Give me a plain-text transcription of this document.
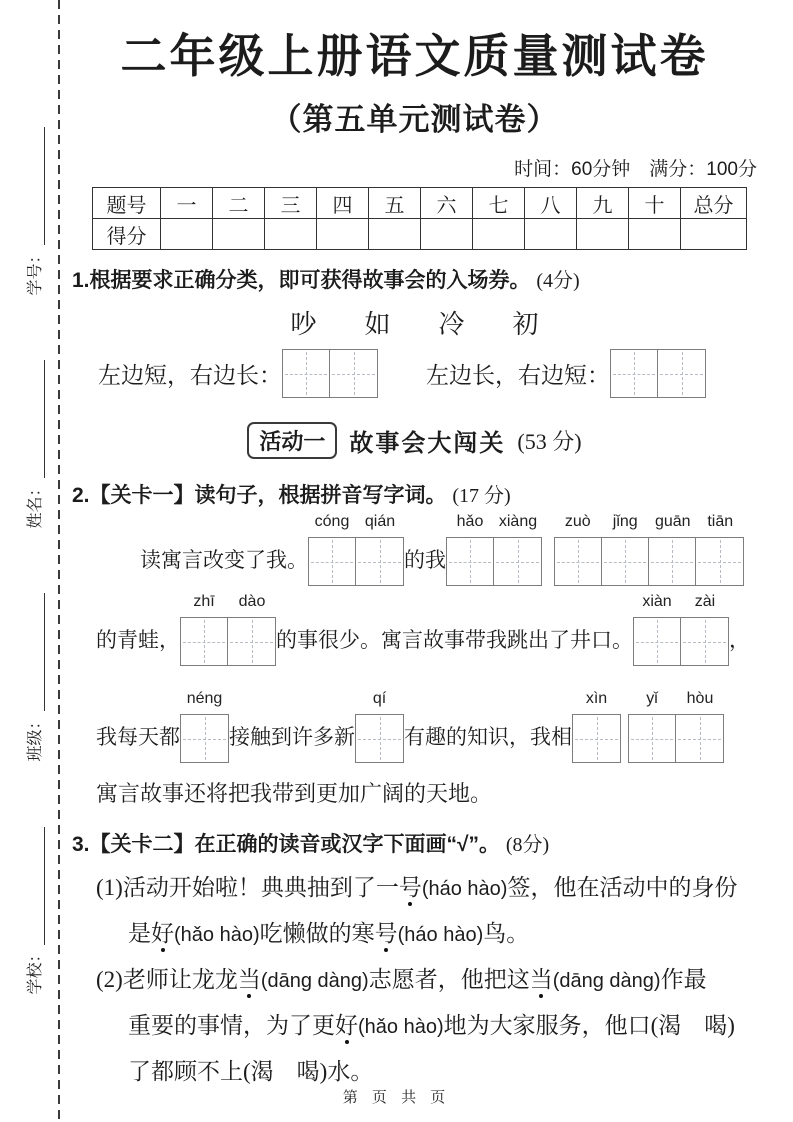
学校：
班级：
姓名：
学号：
二年级上册语文质量测试卷
（第五单元测试卷）
时间：60分钟　满分：100分
题号	一	二	三	四	五	六	七	八	九	十	总分
得分											
1.根据要求正确分类，即可获得故事会的入场券。 (4分)
吵 如 冷 初
左边短，右边长：	左边长，右边短：
活动一	故事会大闯关 (53 分)
2.【关卡一】读句子，根据拼音写字词。 (17 分)
读寓言改变了我。
cóng qián
的我
hǎo xiàng	zuò	jǐng	guān	tiān
的青蛙，
zhī	dào
的事很少。寓言故事带我跳出了井口。
xiàn	zài
，
我每天都
néng
接触到许多新
qí
有趣的知识，我相
xìn	yǐ	hòu
寓言故事还将把我带到更加广阔的天地。
3.【关卡二】在正确的读音或汉字下面画“√”。 (8分)
(1)活动开始啦！典典抽到了一号(háo hào)签，他在活动中的身份
是好(hǎo hào)吃懒做的寒号(háo hào)鸟。
(2)老师让龙龙当(dāng dàng)志愿者，他把这当(dāng dàng)作最
重要的事情，为了更好(hǎo hào)地为大家服务，他口(渴　喝)
了都顾不上(渴　喝)水。
第 页 共 页
